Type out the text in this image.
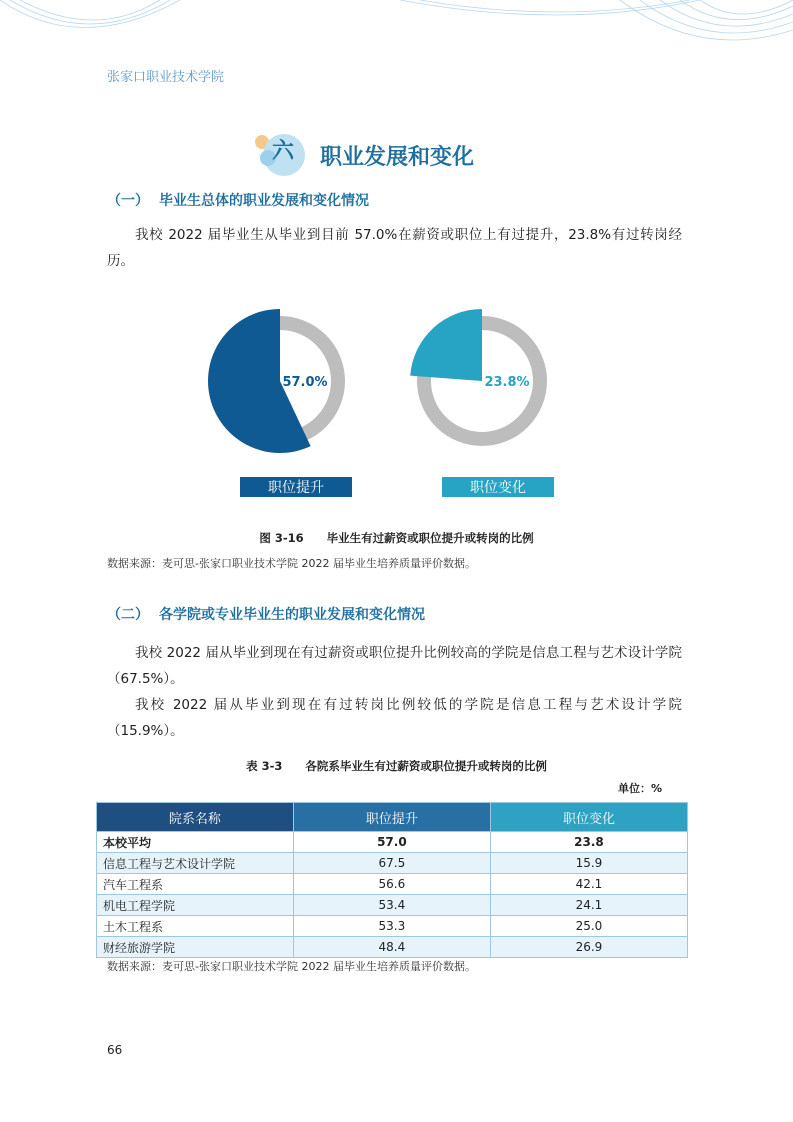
张家口职业技术学院
六 职业发展和变化
（一） 毕业生总体的职业发展和变化情况
我校 2022 届毕业生从毕业到目前 57.0%在薪资或职位上有过提升，23.8%有过转岗经历。
57.0%
职位提升
23.8%
职位变化
图 3-16　　毕业生有过薪资或职位提升或转岗的比例
数据来源：麦可思-张家口职业技术学院 2022 届毕业生培养质量评价数据。
（二） 各学院或专业毕业生的职业发展和变化情况
我校 2022 届从毕业到现在有过薪资或职位提升比例较高的学院是信息工程与艺术设计学院（67.5%）。
我校 2022 届从毕业到现在有过转岗比例较低的学院是信息工程与艺术设计学院（15.9%）。
表 3-3　　各院系毕业生有过薪资或职位提升或转岗的比例
单位：%
院系名称	职位提升	职位变化
本校平均	57.0	23.8
信息工程与艺术设计学院	67.5	15.9
汽车工程系	56.6	42.1
机电工程学院	53.4	24.1
土木工程系	53.3	25.0
财经旅游学院	48.4	26.9
数据来源：麦可思-张家口职业技术学院 2022 届毕业生培养质量评价数据。
66
